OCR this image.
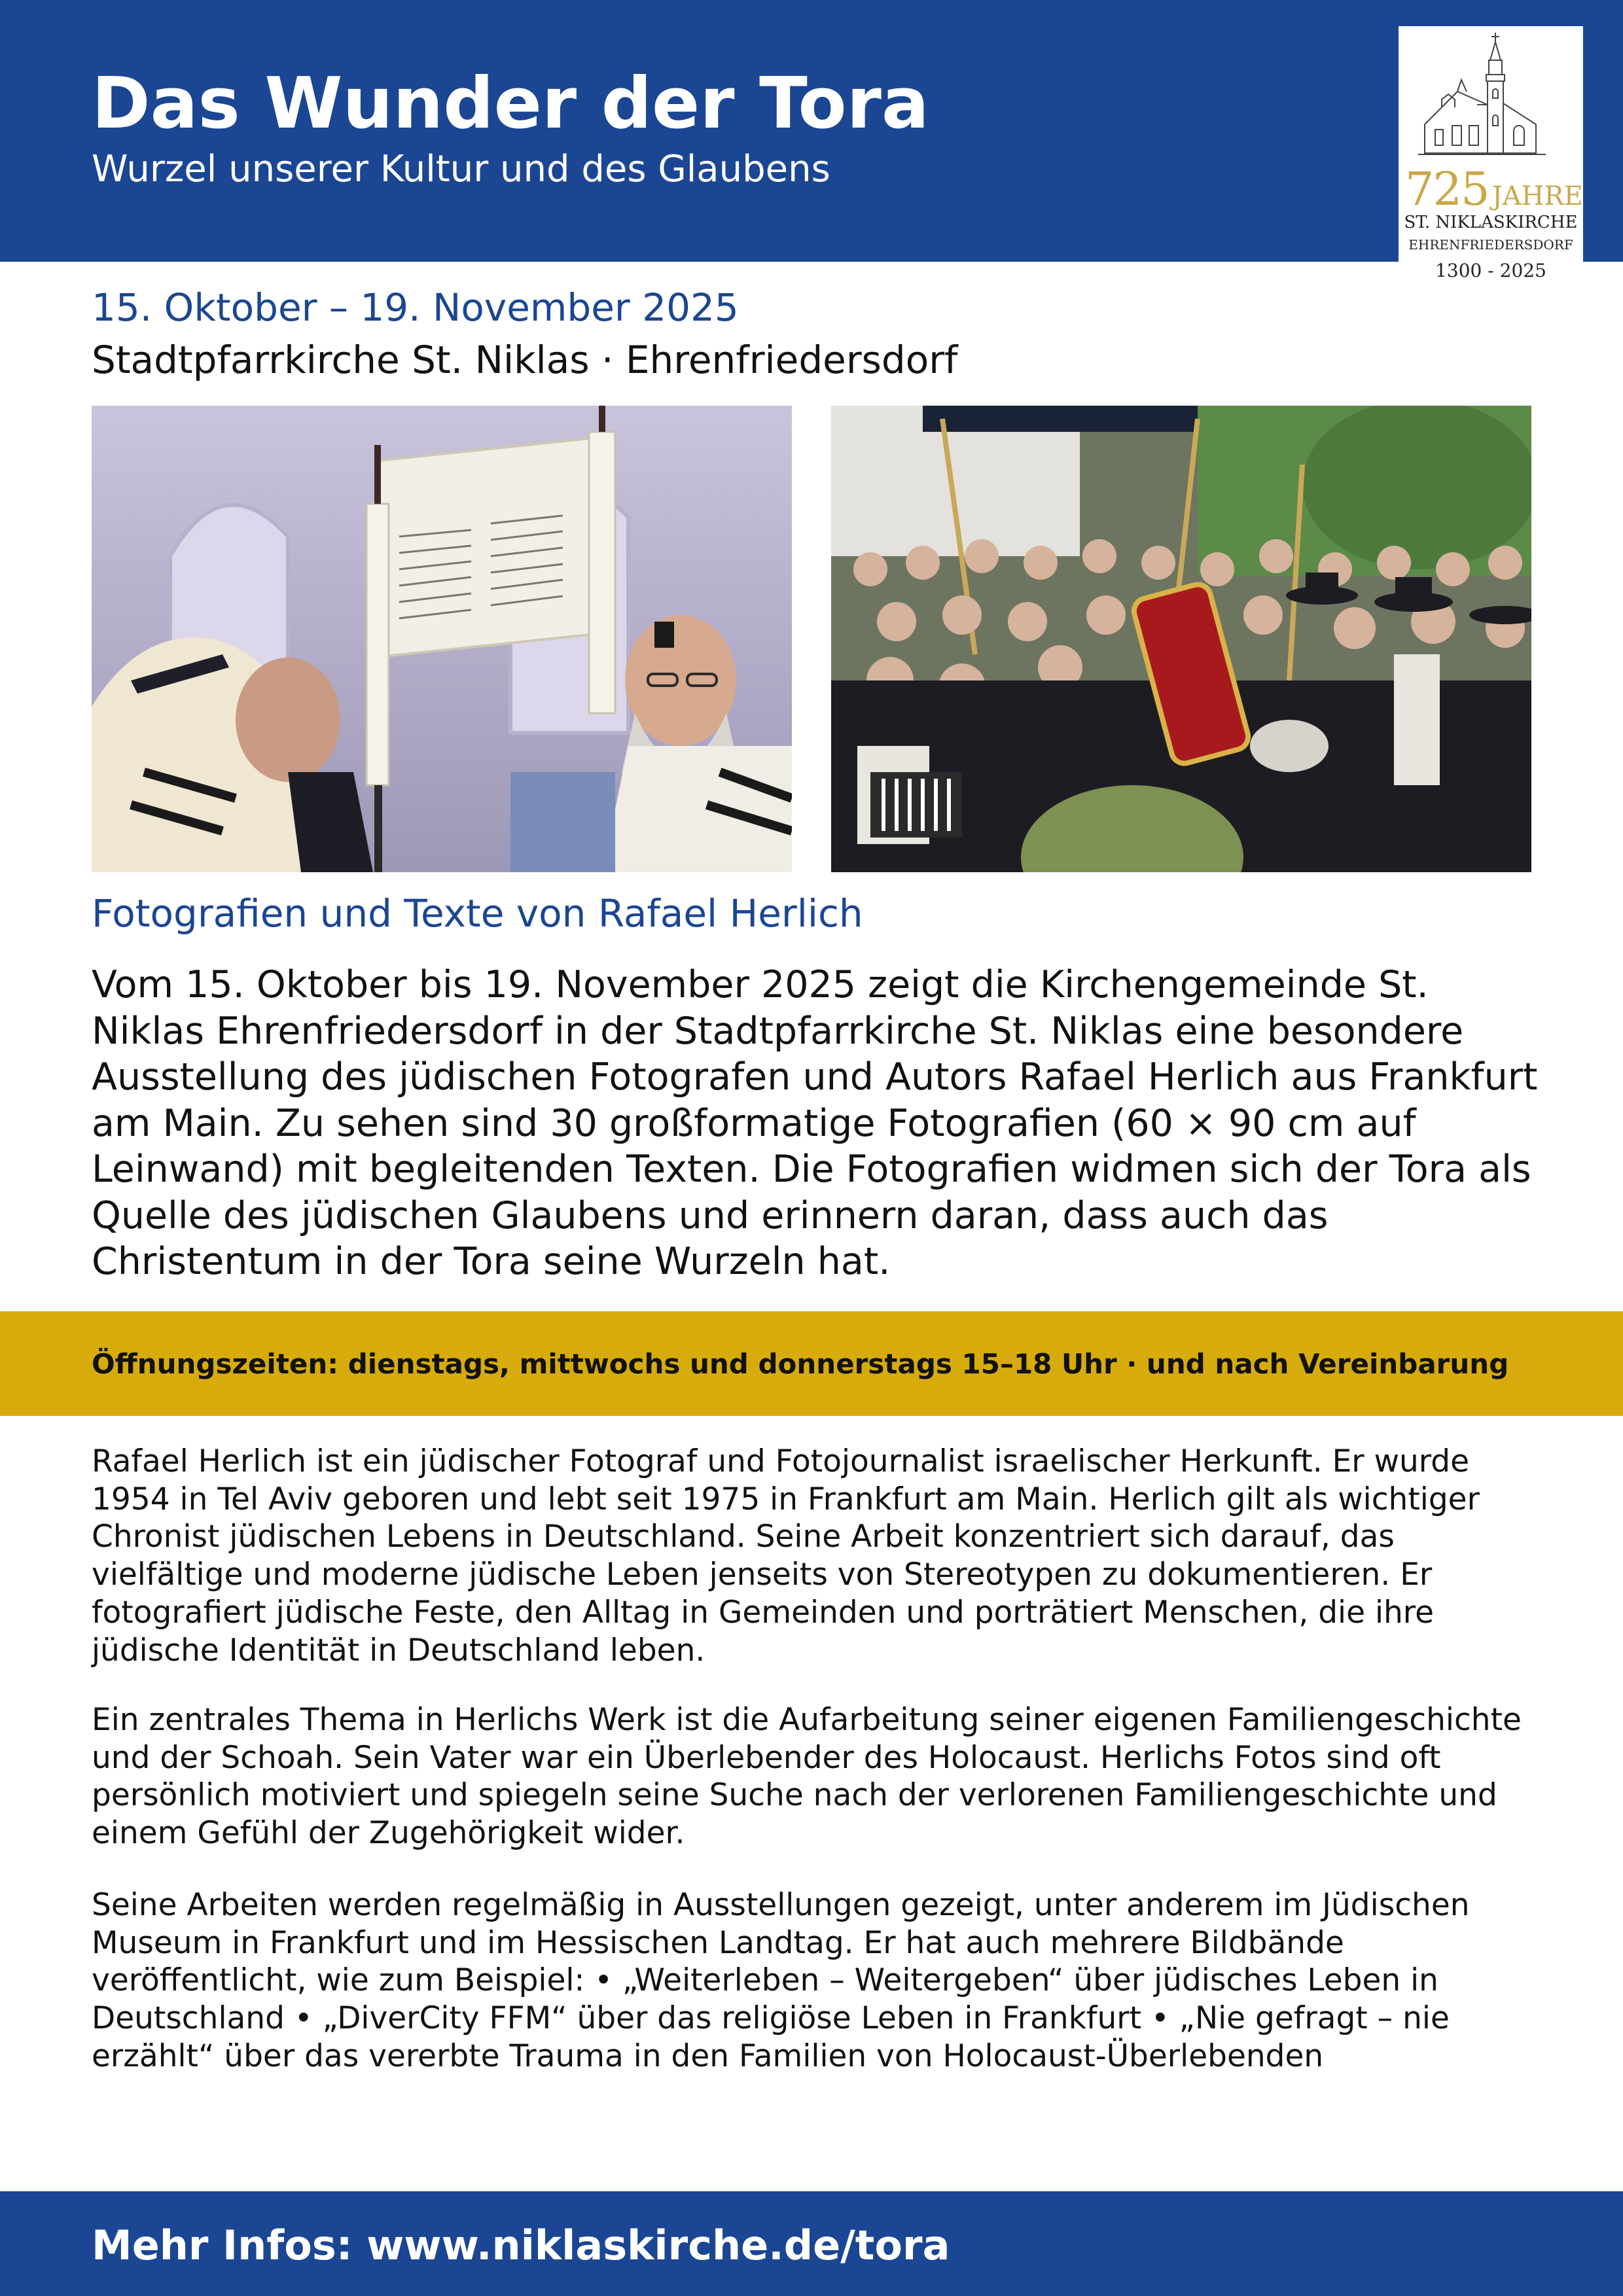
Das Wunder der Tora
Wurzel unserer Kultur und des Glaubens	725 JAHRE
ST. NIKLASKIRCHE
EHRENFRIEDERSDORF
1300 - 2025
15. Oktober – 19. November 2025
Stadtpfarrkirche St. Niklas · Ehrenfriedersdorf
Fotografien und Texte von Rafael Herlich

Vom 15. Oktober bis 19. November 2025 zeigt die Kirchengemeinde St. Niklas Ehrenfriedersdorf in der Stadtpfarrkirche St. Niklas eine besondere Ausstellung des jüdischen Fotografen und Autors Rafael Herlich aus Frankfurt am Main. Zu sehen sind 30 großformatige Fotografien (60 × 90 cm auf Leinwand) mit begleitenden Texten. Die Fotografien widmen sich der Tora als Quelle des jüdischen Glaubens und erinnern daran, dass auch das Christentum in der Tora seine Wurzeln hat.

Öffnungszeiten: dienstags, mittwochs und donnerstags 15–18 Uhr · und nach Vereinbarung

Rafael Herlich ist ein jüdischer Fotograf und Fotojournalist israelischer Herkunft. Er wurde 1954 in Tel Aviv geboren und lebt seit 1975 in Frankfurt am Main. Herlich gilt als wichtiger Chronist jüdischen Lebens in Deutschland. Seine Arbeit konzentriert sich darauf, das vielfältige und moderne jüdische Leben jenseits von Stereotypen zu dokumentieren. Er fotografiert jüdische Feste, den Alltag in Gemeinden und porträtiert Menschen, die ihre jüdische Identität in Deutschland leben.

Ein zentrales Thema in Herlichs Werk ist die Aufarbeitung seiner eigenen Familiengeschichte und der Schoah. Sein Vater war ein Überlebender des Holocaust. Herlichs Fotos sind oft persönlich motiviert und spiegeln seine Suche nach der verlorenen Familiengeschichte und einem Gefühl der Zugehörigkeit wider.

Seine Arbeiten werden regelmäßig in Ausstellungen gezeigt, unter anderem im Jüdischen Museum in Frankfurt und im Hessischen Landtag. Er hat auch mehrere Bildbände veröffentlicht, wie zum Beispiel: • „Weiterleben – Weitergeben“ über jüdisches Leben in Deutschland • „DiverCity FFM“ über das religiöse Leben in Frankfurt • „Nie gefragt – nie erzählt“ über das vererbte Trauma in den Familien von Holocaust-Überlebenden

Mehr Infos: www.niklaskirche.de/tora
